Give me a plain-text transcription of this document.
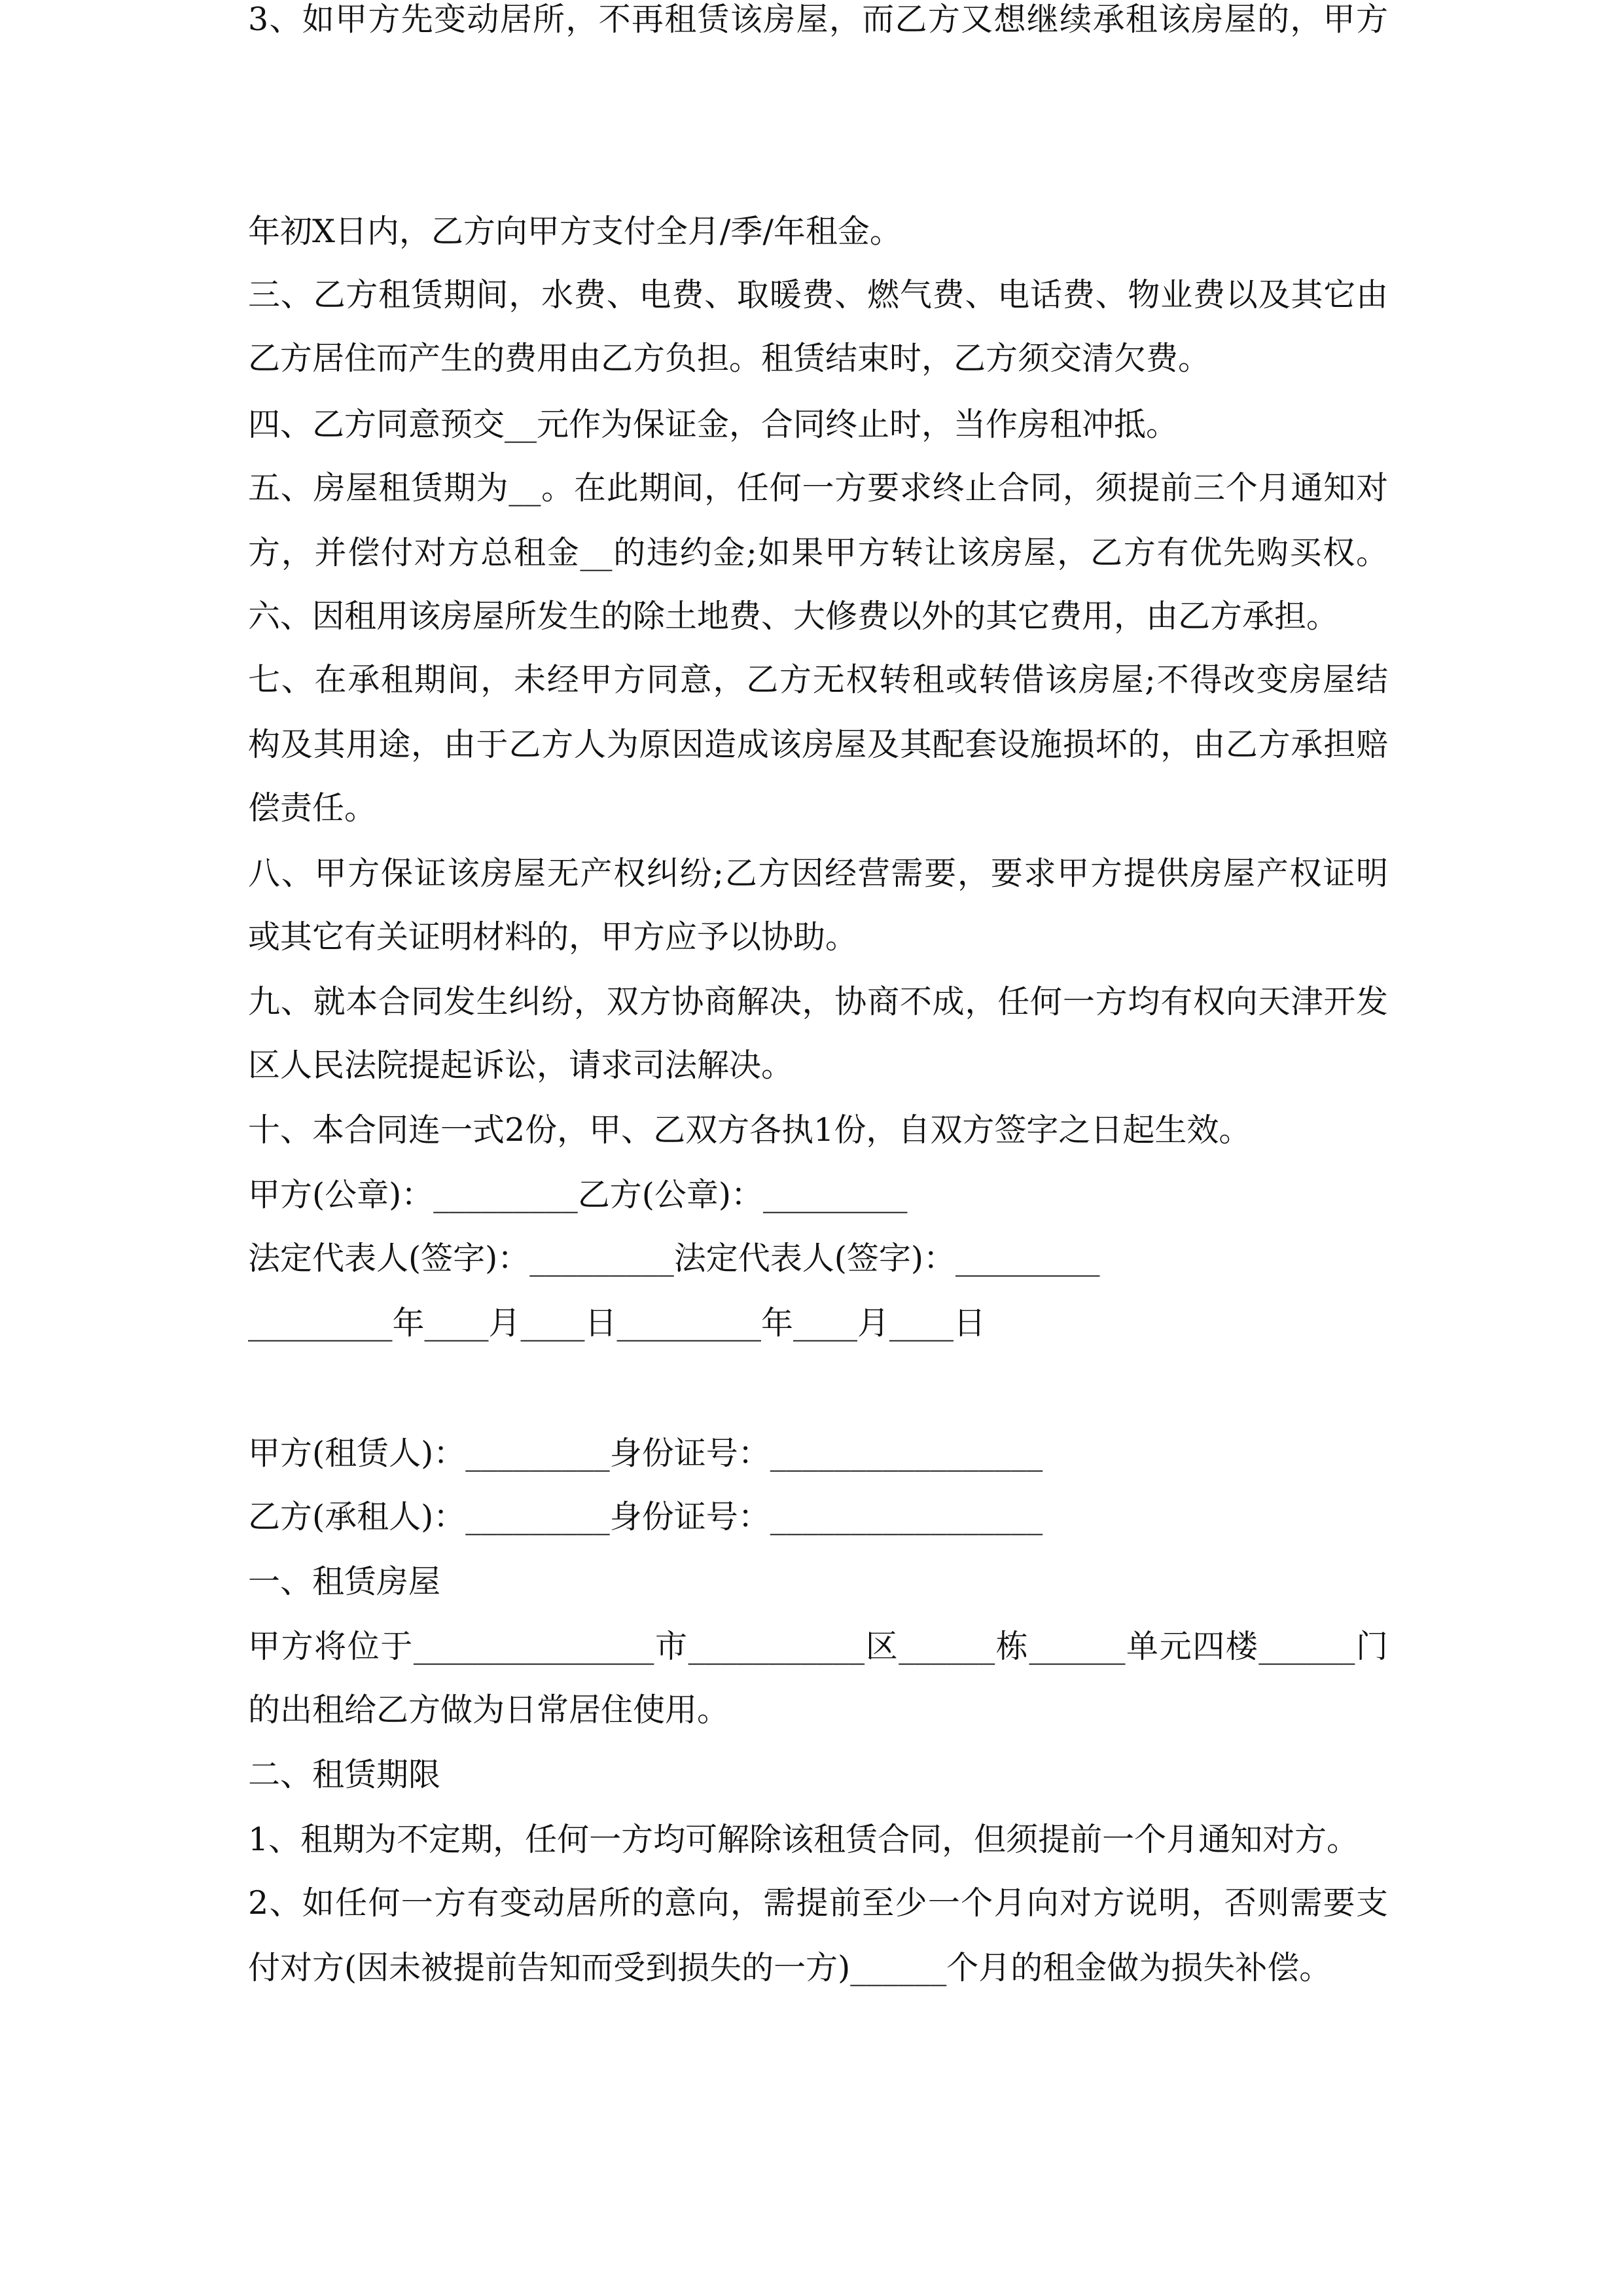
年初X日内，乙方向甲方支付全月/季/年租金。
三、乙方租赁期间，水费、电费、取暖费、燃气费、电话费、物业费以及其它由
乙方居住而产生的费用由乙方负担。租赁结束时，乙方须交清欠费。
四、乙方同意预交__元作为保证金，合同终止时，当作房租冲抵。
五、房屋租赁期为__。在此期间，任何一方要求终止合同，须提前三个月通知对
方，并偿付对方总租金__的违约金;如果甲方转让该房屋，乙方有优先购买权。
六、因租用该房屋所发生的除土地费、大修费以外的其它费用，由乙方承担。
七、在承租期间，未经甲方同意，乙方无权转租或转借该房屋;不得改变房屋结
构及其用途，由于乙方人为原因造成该房屋及其配套设施损坏的，由乙方承担赔
偿责任。
八、甲方保证该房屋无产权纠纷;乙方因经营需要，要求甲方提供房屋产权证明
或其它有关证明材料的，甲方应予以协助。
九、就本合同发生纠纷，双方协商解决，协商不成，任何一方均有权向天津开发
区人民法院提起诉讼，请求司法解决。
十、本合同连一式2份，甲、乙双方各执1份，自双方签字之日起生效。
甲方(公章)：_________乙方(公章)：_________
法定代表人(签字)：_________法定代表人(签字)：_________
_________年____月____日_________年____月____日
甲方(租赁人)：_________身份证号：_________________
乙方(承租人)：_________身份证号：_________________
一、租赁房屋
甲方将位于_______________市___________区______栋______单元四楼______门
的出租给乙方做为日常居住使用。
二、租赁期限
1、租期为不定期，任何一方均可解除该租赁合同，但须提前一个月通知对方。
2、如任何一方有变动居所的意向，需提前至少一个月向对方说明，否则需要支
付对方(因未被提前告知而受到损失的一方)______个月的租金做为损失补偿。
3、如甲方先变动居所，不再租赁该房屋，而乙方又想继续承租该房屋的，甲方
